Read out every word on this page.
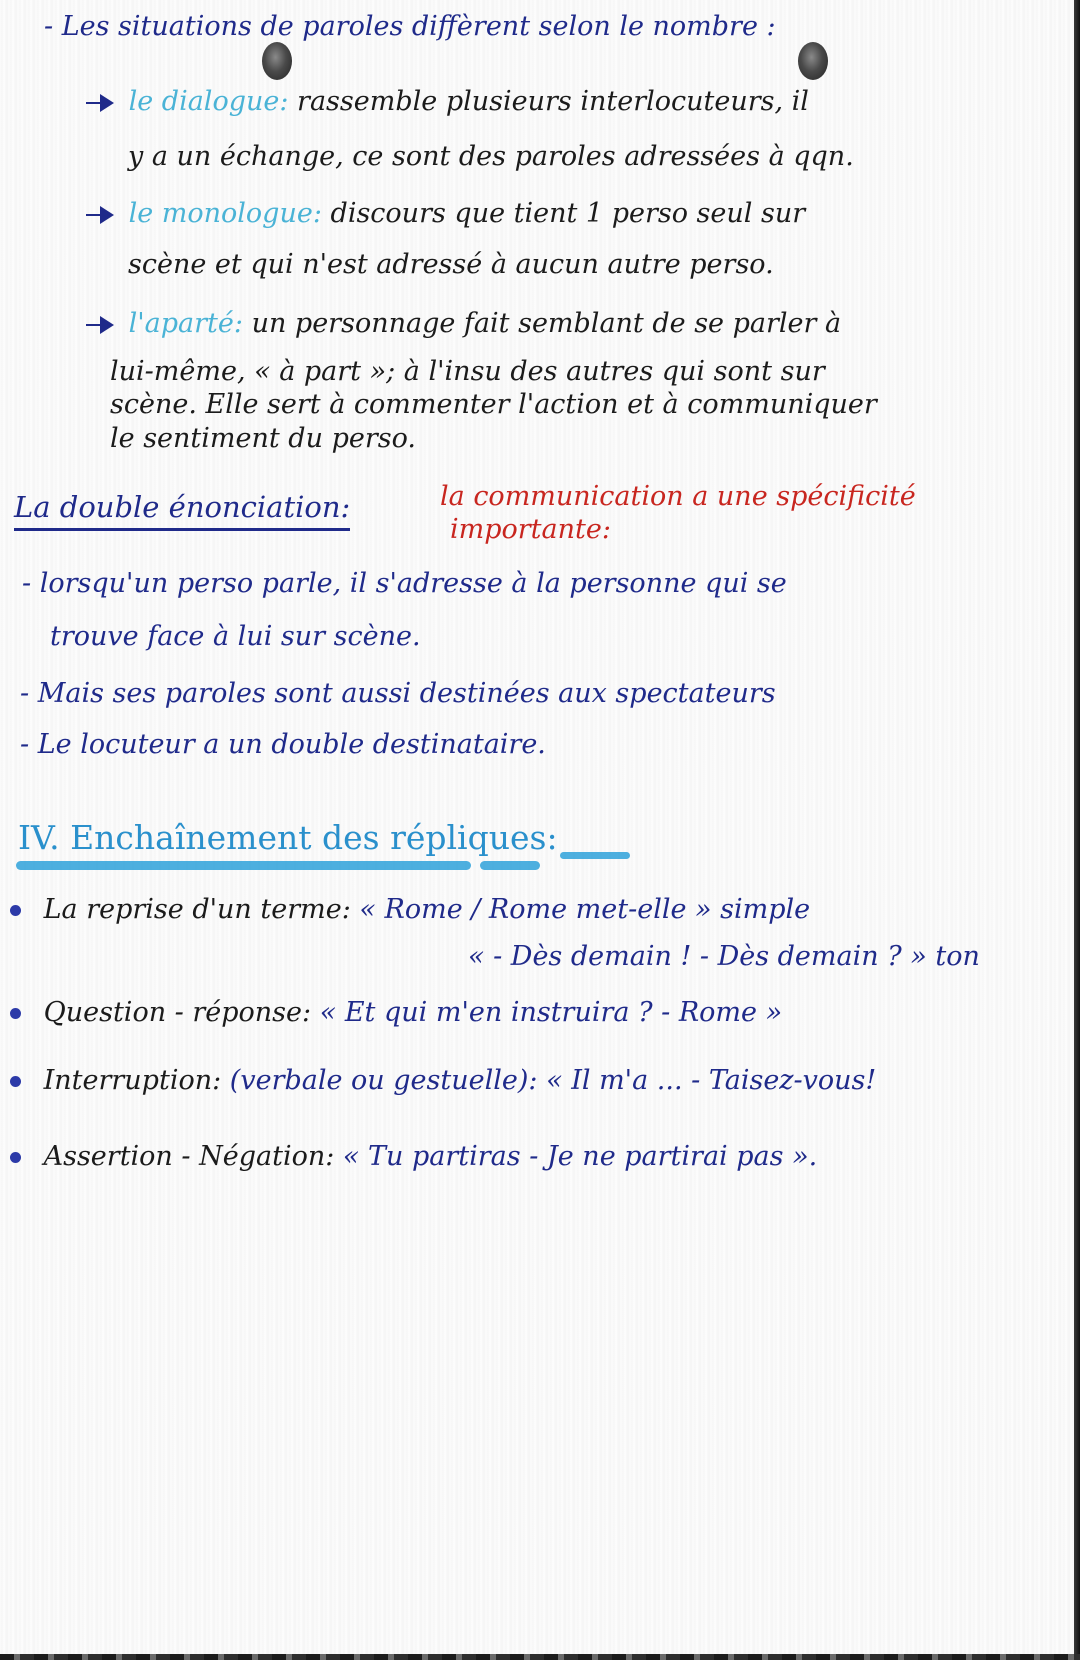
- Les situations de paroles diffèrent selon le nombre :
le dialogue: rassemble plusieurs interlocuteurs, il
y a un échange, ce sont des paroles adressées à qqn.
le monologue: discours que tient 1 perso seul sur
scène et qui n'est adressé à aucun autre perso.
l'aparté: un personnage fait semblant de se parler à
lui-même, « à part »; à l'insu des autres qui sont sur
scène. Elle sert à commenter l'action et à communiquer
le sentiment du perso.
La double énonciation:	la communication a une spécificité
importante:
- lorsqu'un perso parle, il s'adresse à la personne qui se
trouve face à lui sur scène.
- Mais ses paroles sont aussi destinées aux spectateurs
- Le locuteur a un double destinataire.
IV. Enchaînement des répliques:
La reprise d'un terme: « Rome / Rome met-elle » simple
« - Dès demain ! - Dès demain ? » ton
Question - réponse: « Et qui m'en instruira ? - Rome »
Interruption: (verbale ou gestuelle): « Il m'a ... - Taisez-vous!
Assertion - Négation: « Tu partiras - Je ne partirai pas ».
